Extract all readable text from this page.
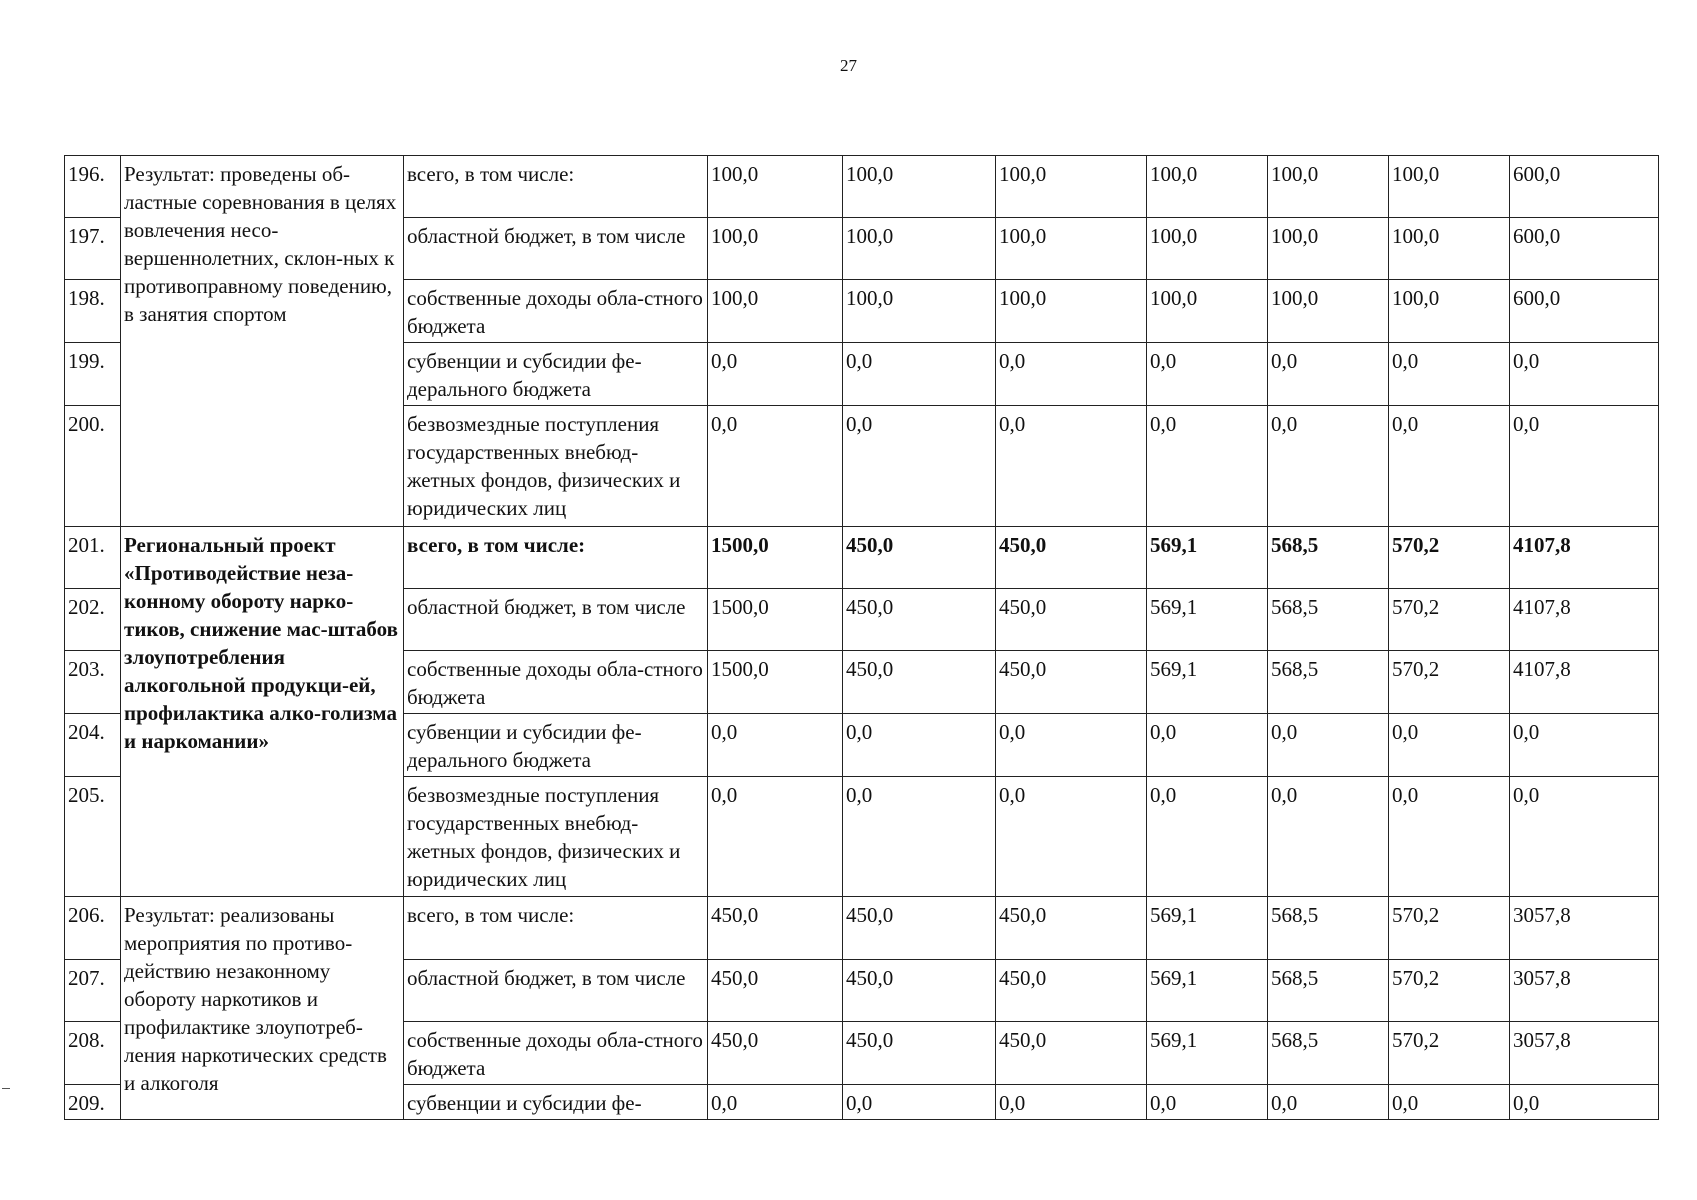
27
196.	Результат: проведены об-ластные соревнования в целях вовлечения несо-вершеннолетних, склон-ных к противоправному поведению, в занятия спортом	всего, в том числе:	100,0	100,0	100,0	100,0	100,0	100,0	600,0
197.		областной бюджет, в том числе	100,0	100,0	100,0	100,0	100,0	100,0	600,0
198.		собственные доходы обла-стного бюджета	100,0	100,0	100,0	100,0	100,0	100,0	600,0
199.		субвенции и субсидии фе-дерального бюджета	0,0	0,0	0,0	0,0	0,0	0,0	0,0
200.		безвозмездные поступления государственных внебюд-жетных фондов, физических и юридических лиц	0,0	0,0	0,0	0,0	0,0	0,0	0,0
201.	Региональный проект «Противодействие неза-конному обороту нарко-тиков, снижение мас-штабов злоупотребления алкогольной продукци-ей, профилактика алко-голизма и наркомании»	всего, в том числе:	1500,0	450,0	450,0	569,1	568,5	570,2	4107,8
202.		областной бюджет, в том числе	1500,0	450,0	450,0	569,1	568,5	570,2	4107,8
203.		собственные доходы обла-стного бюджета	1500,0	450,0	450,0	569,1	568,5	570,2	4107,8
204.		субвенции и субсидии фе-дерального бюджета	0,0	0,0	0,0	0,0	0,0	0,0	0,0
205.		безвозмездные поступления государственных внебюд-жетных фондов, физических и юридических лиц	0,0	0,0	0,0	0,0	0,0	0,0	0,0
206.	Результат: реализованы мероприятия по противо-действию незаконному обороту наркотиков и профилактике злоупотреб-ления наркотических средств и алкоголя	всего, в том числе:	450,0	450,0	450,0	569,1	568,5	570,2	3057,8
207.		областной бюджет, в том числе	450,0	450,0	450,0	569,1	568,5	570,2	3057,8
208.		собственные доходы обла-стного бюджета	450,0	450,0	450,0	569,1	568,5	570,2	3057,8
209.		субвенции и субсидии фе-	0,0	0,0	0,0	0,0	0,0	0,0	0,0
